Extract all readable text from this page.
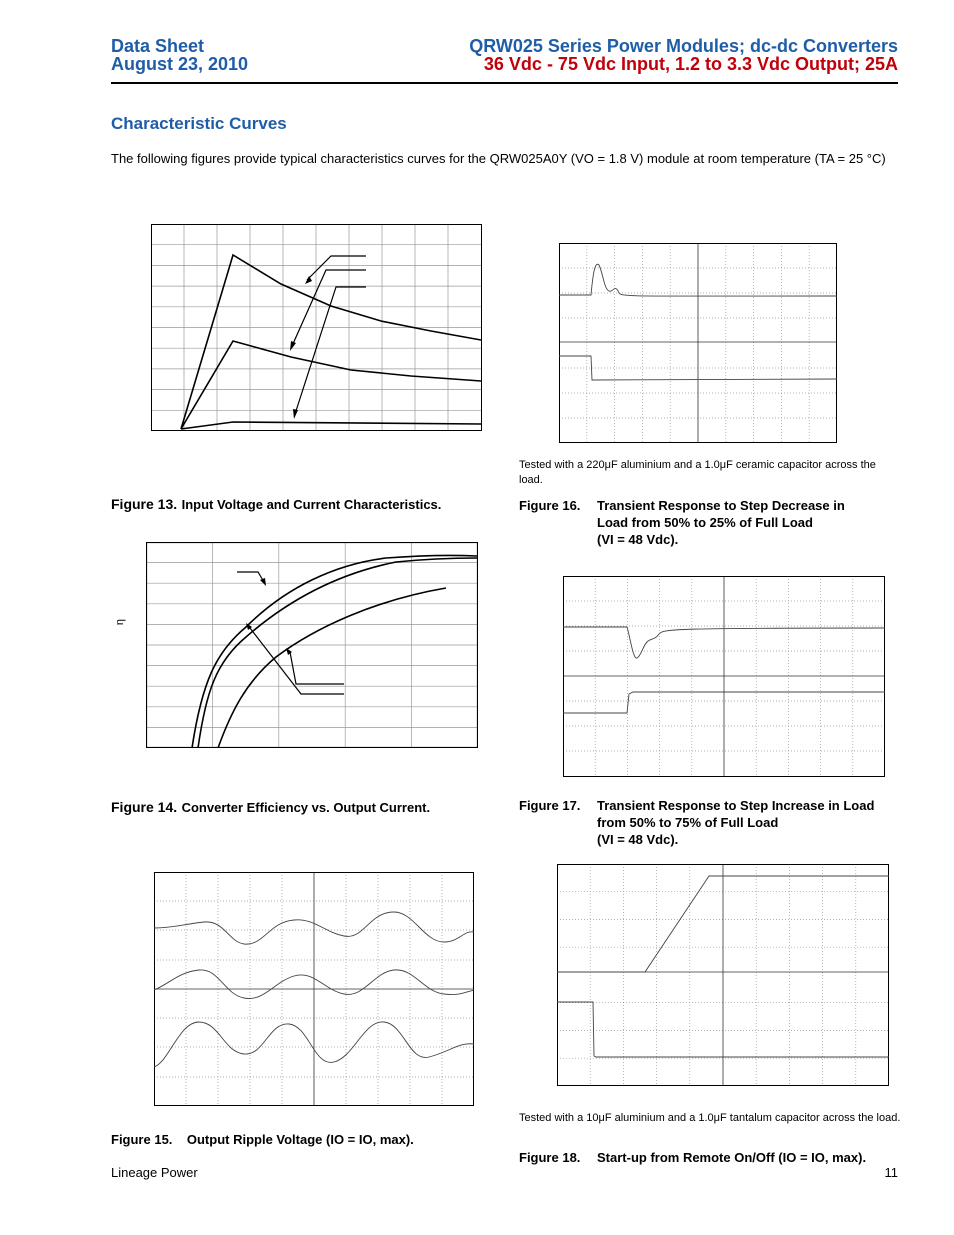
Data Sheet
August 23, 2010
QRW025 Series Power Modules; dc-dc Converters
36 Vdc - 75 Vdc Input, 1.2 to 3.3 Vdc Output; 25A
Characteristic Curves
The following figures provide typical characteristics curves for the QRW025A0Y (VO = 1.8 V) module at room temperature (TA = 25 °C)
Figure 13. Input Voltage and Current Characteristics.
η
Figure 14. Converter Efficiency vs. Output Current.
Figure 15. Output Ripple Voltage (IO = IO, max).
Tested with a 220μF aluminium and a 1.0μF ceramic capacitor across the load.
Figure 16. Transient Response to Step Decrease in
Load from 50% to 25% of Full Load
(VI = 48 Vdc).
Figure 17. Transient Response to Step Increase in Load
from 50% to 75% of Full Load
(VI = 48 Vdc).
Tested with a 10μF aluminium and a 1.0μF tantalum capacitor across the load.
Figure 18. Start-up from Remote On/Off (IO = IO, max).
Lineage Power	11
